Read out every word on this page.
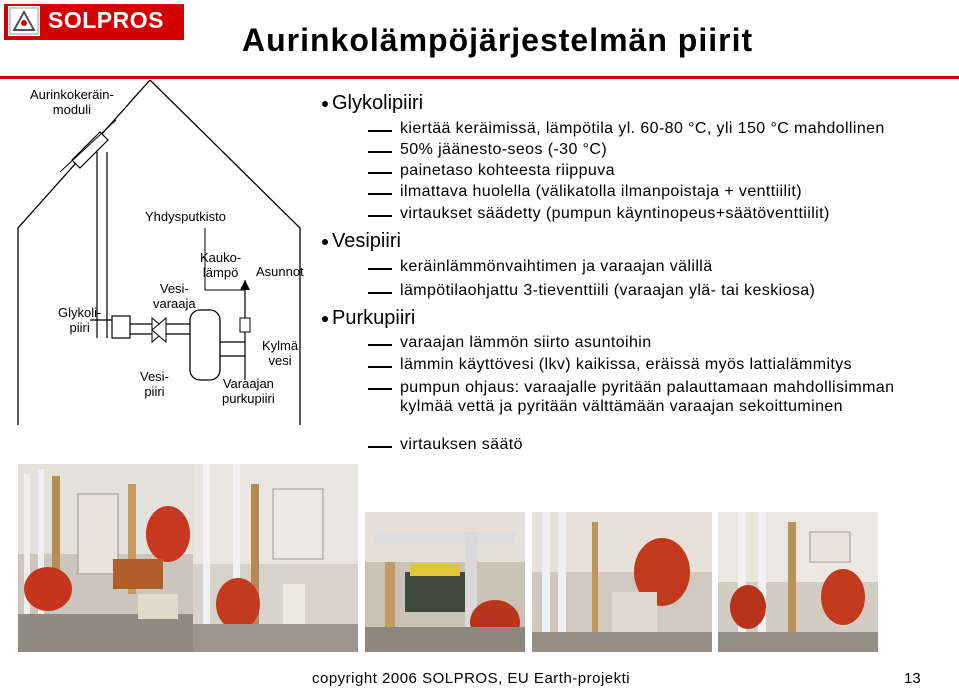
SOLPROS
Aurinkolämpöjärjestelmän piirit
Aurinkokeräin-
moduli
Yhdysputkisto
Kauko-
lämpö Asunnot
Vesi-
varaaja
Glykoli-
piiri
Kylmä
vesi
Vesi-
piiri
Varaajan
purkupiiri
Glykolipiiri
kiertää keräimissä, lämpötila yl. 60-80 °C, yli 150 °C mahdollinen
50% jäänesto-seos (-30 °C)
painetaso kohteesta riippuva
ilmattava huolella (välikatolla ilmanpoistaja + venttiilit)
virtaukset säädetty (pumpun käyntinopeus+säätöventtiilit)
Vesipiiri
keräinlämmönvaihtimen ja varaajan välillä
lämpötilaohjattu 3-tieventtiili (varaajan ylä- tai keskiosa)
Purkupiiri
varaajan lämmön siirto asuntoihin
lämmin käyttövesi (lkv) kaikissa, eräissä myös lattialämmitys
pumpun ohjaus: varaajalle pyritään palauttamaan mahdollisimman kylmää vettä ja pyritään välttämään varaajan sekoittuminen
virtauksen säätö
copyright 2006 SOLPROS, EU Earth-projekti	13
